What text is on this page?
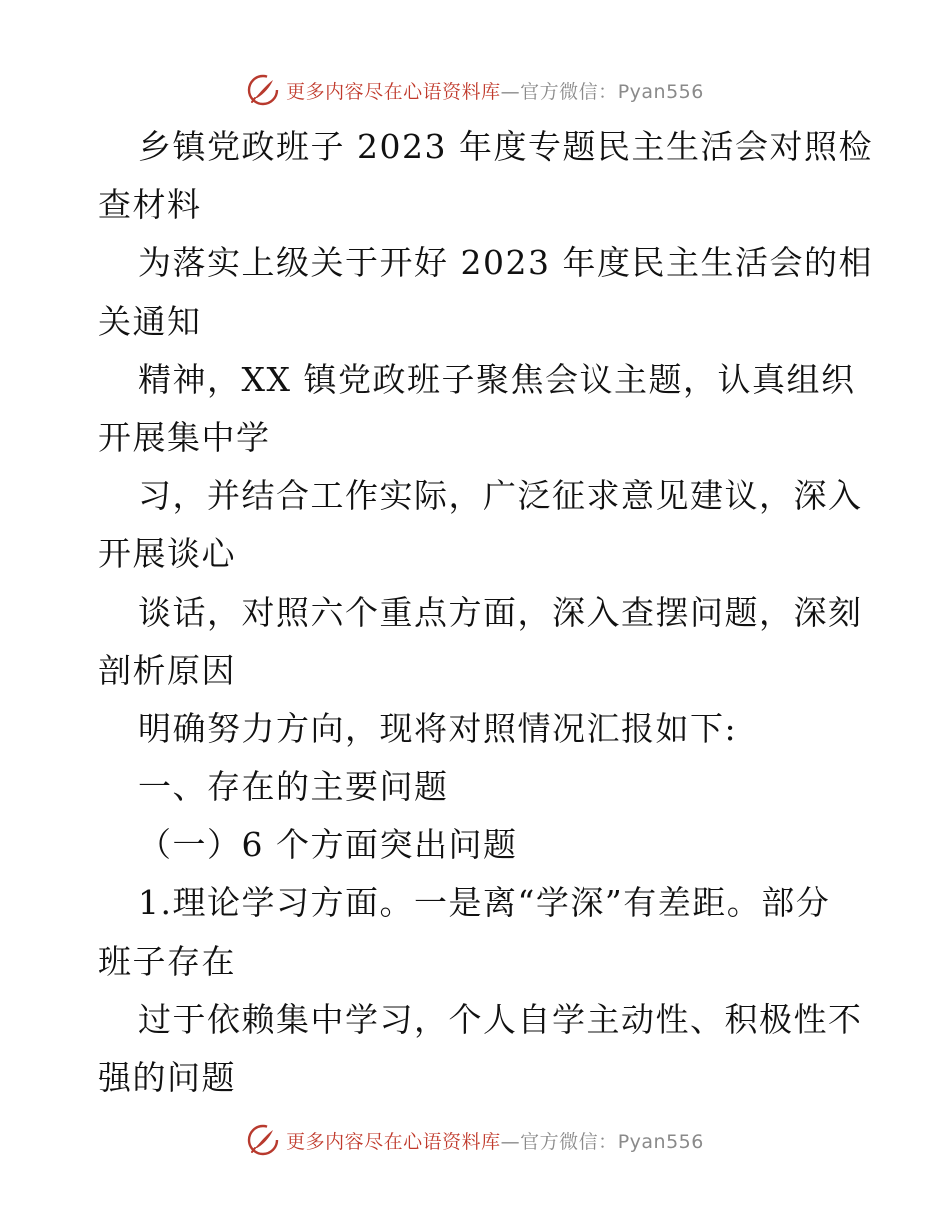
更多内容尽在心语资料库—官方微信：Pyan556
乡镇党政班子 2023 年度专题民主生活会对照检
查材料
为落实上级关于开好 2023 年度民主生活会的相
关通知
精神，XX 镇党政班子聚焦会议主题，认真组织
开展集中学
习，并结合工作实际，广泛征求意见建议，深入
开展谈心
谈话，对照六个重点方面，深入查摆问题，深刻
剖析原因
明确努力方向，现将对照情况汇报如下:
一、存在的主要问题
（一）6 个方面突出问题
1.理论学习方面。一是离“学深”有差距。部分
班子存在
过于依赖集中学习，个人自学主动性、积极性不
强的问题
更多内容尽在心语资料库—官方微信：Pyan556
